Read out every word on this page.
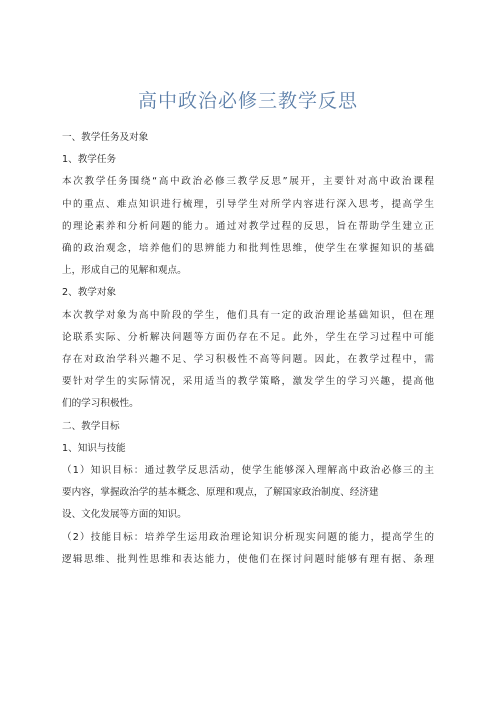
高中政治必修三教学反思

一、教学任务及对象

1、教学任务

本次教学任务围绕“高中政治必修三教学反思”展开，主要针对高中政治课程

中的重点、难点知识进行梳理，引导学生对所学内容进行深入思考，提高学生

的理论素养和分析问题的能力。通过对教学过程的反思，旨在帮助学生建立正

确的政治观念，培养他们的思辨能力和批判性思维，使学生在掌握知识的基础

上，形成自己的见解和观点。

2、教学对象

本次教学对象为高中阶段的学生，他们具有一定的政治理论基础知识，但在理

论联系实际、分析解决问题等方面仍存在不足。此外，学生在学习过程中可能

存在对政治学科兴趣不足、学习积极性不高等问题。因此，在教学过程中，需

要针对学生的实际情况，采用适当的教学策略，激发学生的学习兴趣，提高他

们的学习积极性。

二、教学目标

1、知识与技能

（1）知识目标：通过教学反思活动，使学生能够深入理解高中政治必修三的主

要内容，掌握政治学的基本概念、原理和观点，了解国家政治制度、经济建

设、文化发展等方面的知识。

（2）技能目标：培养学生运用政治理论知识分析现实问题的能力，提高学生的

逻辑思维、批判性思维和表达能力，使他们在探讨问题时能够有理有据、条理
